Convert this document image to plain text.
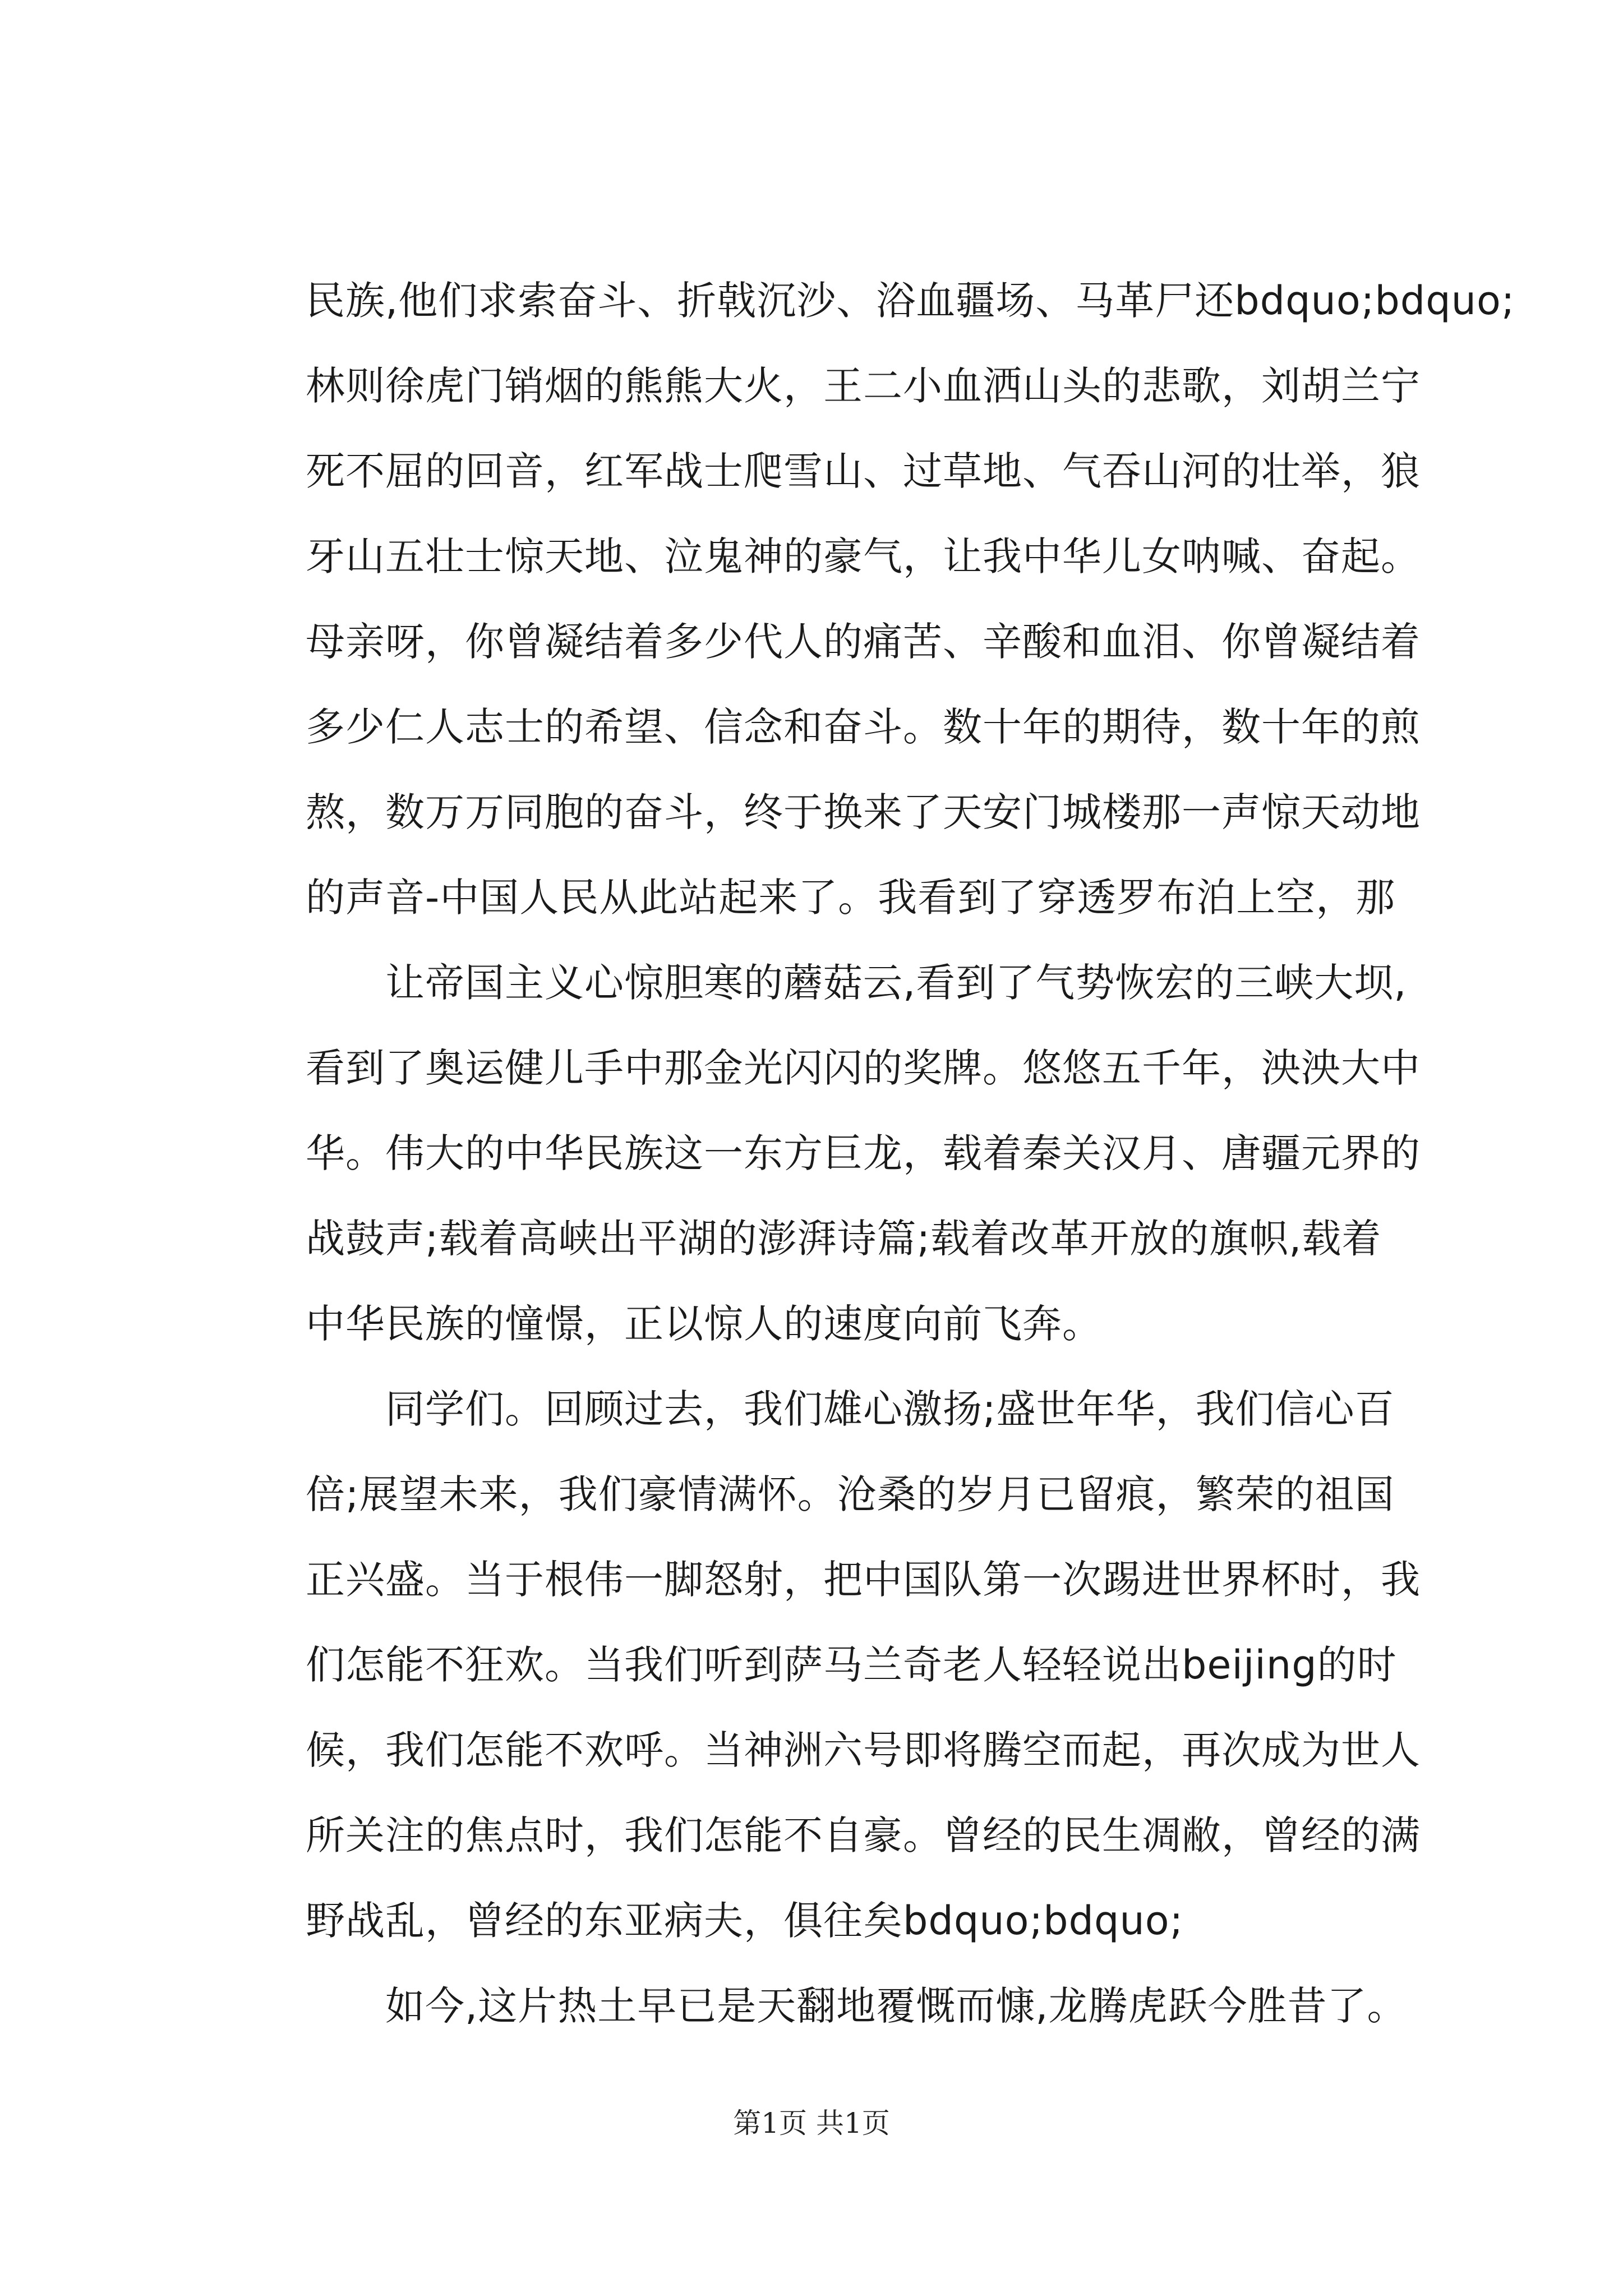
民族,他们求索奋斗、折戟沉沙、浴血疆场、马革尸还bdquo;bdquo;
林则徐虎门销烟的熊熊大火，王二小血洒山头的悲歌，刘胡兰宁
死不屈的回音，红军战士爬雪山、过草地、气吞山河的壮举，狼
牙山五壮士惊天地、泣鬼神的豪气，让我中华儿女呐喊、奋起。
母亲呀，你曾凝结着多少代人的痛苦、辛酸和血泪、你曾凝结着
多少仁人志士的希望、信念和奋斗。数十年的期待，数十年的煎
熬，数万万同胞的奋斗，终于换来了天安门城楼那一声惊天动地
的声音-中国人民从此站起来了。我看到了穿透罗布泊上空，那
　　让帝国主义心惊胆寒的蘑菇云,看到了气势恢宏的三峡大坝,
看到了奥运健儿手中那金光闪闪的奖牌。悠悠五千年，泱泱大中
华。伟大的中华民族这一东方巨龙，载着秦关汉月、唐疆元界的
战鼓声;载着高峡出平湖的澎湃诗篇;载着改革开放的旗帜,载着
中华民族的憧憬，正以惊人的速度向前飞奔。
　　同学们。回顾过去，我们雄心激扬;盛世年华，我们信心百
倍;展望未来，我们豪情满怀。沧桑的岁月已留痕，繁荣的祖国
正兴盛。当于根伟一脚怒射，把中国队第一次踢进世界杯时，我
们怎能不狂欢。当我们听到萨马兰奇老人轻轻说出beijing的时
候，我们怎能不欢呼。当神洲六号即将腾空而起，再次成为世人
所关注的焦点时，我们怎能不自豪。曾经的民生凋敝，曾经的满
野战乱，曾经的东亚病夫，俱往矣bdquo;bdquo;
　　如今,这片热土早已是天翻地覆慨而慷,龙腾虎跃今胜昔了。
第1页 共1页
